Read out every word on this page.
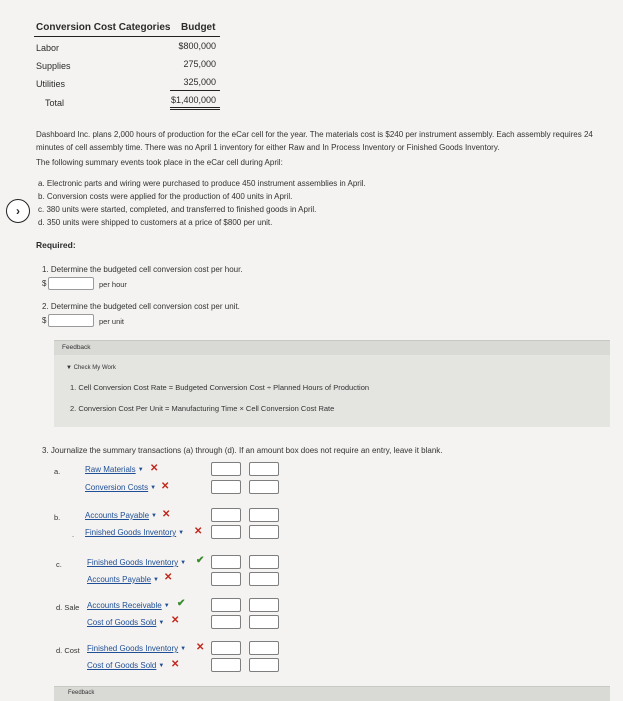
Conversion Cost Categories Budget
Labor	$800,000
Supplies	275,000
Utilities	325,000
Total	$1,400,000
Dashboard Inc. plans 2,000 hours of production for the eCar cell for the year. The materials cost is $240 per instrument assembly. Each assembly requires 24 minutes of cell assembly time. There was no April 1 inventory for either Raw and In Process Inventory or Finished Goods Inventory.
The following summary events took place in the eCar cell during April:
a. Electronic parts and wiring were purchased to produce 450 instrument assemblies in April.
b. Conversion costs were applied for the production of 400 units in April.
c. 380 units were started, completed, and transferred to finished goods in April.
d. 350 units were shipped to customers at a price of $800 per unit.
›
Required:
1. Determine the budgeted cell conversion cost per hour.
$	per hour
2. Determine the budgeted cell conversion cost per unit.
$	per unit
Feedback
▼ Check My Work
1. Cell Conversion Cost Rate = Budgeted Conversion Cost ÷ Planned Hours of Production
2. Conversion Cost Per Unit = Manufacturing Time × Cell Conversion Cost Rate
3. Journalize the summary transactions (a) through (d). If an amount box does not require an entry, leave it blank.
a.	Raw Materials ▼ ✕
Conversion Costs ▼ ✕
b.	Accounts Payable ▼ ✕
. Finished Goods Inventory ▼ ✕
c.	Finished Goods Inventory ▼ ✔
Accounts Payable ▼ ✕
d. Sale Accounts Receivable ▼ ✔
Cost of Goods Sold ▼ ✕
d. Cost Finished Goods Inventory ▼ ✕
Cost of Goods Sold ▼ ✕
Feedback
